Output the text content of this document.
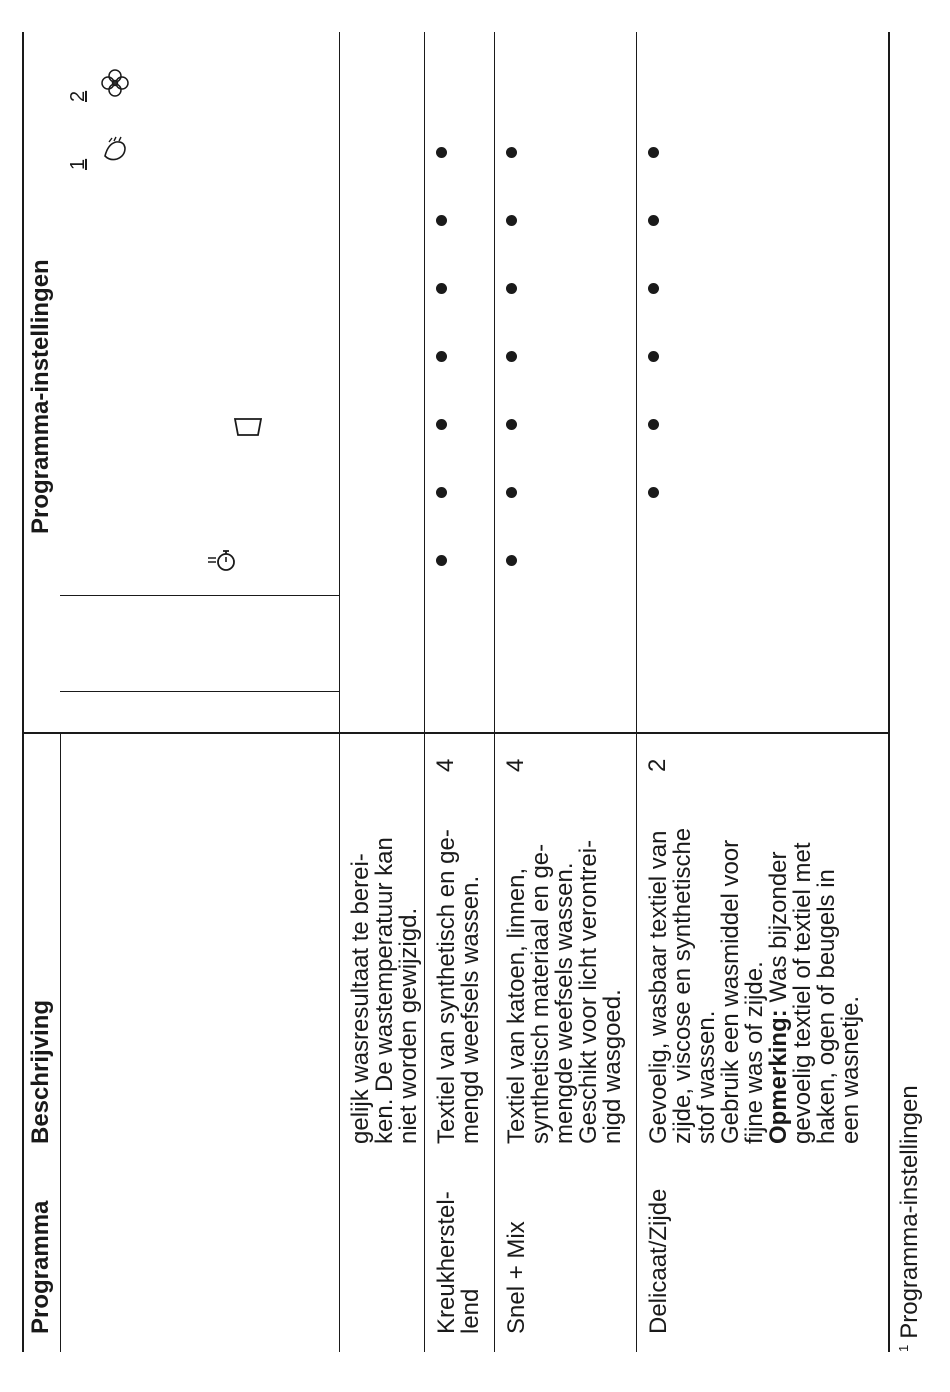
Programma
Beschrijving
Programma-instellingen
1
2
gelijk wasresultaat te berei-
ken. De wastemperatuur kan
niet worden gewijzigd.
Kreukherstel-
lend
Textiel van synthetisch en ge-
mengd weefsels wassen.
4
Snel + Mix
Textiel van katoen, linnen,
synthetisch materiaal en ge-
mengde weefsels wassen.
Geschikt voor licht verontrei-
nigd wasgoed.
4
Delicaat/Zijde
Gevoelig, wasbaar textiel van
zijde, viscose en synthetische
stof wassen.
Gebruik een wasmiddel voor
fijne was of zijde.
Opmerking: Was bijzonder
gevoelig textiel of textiel met
haken, ogen of beugels in
een wasnetje.
2
$^1$Programma-instellingen
